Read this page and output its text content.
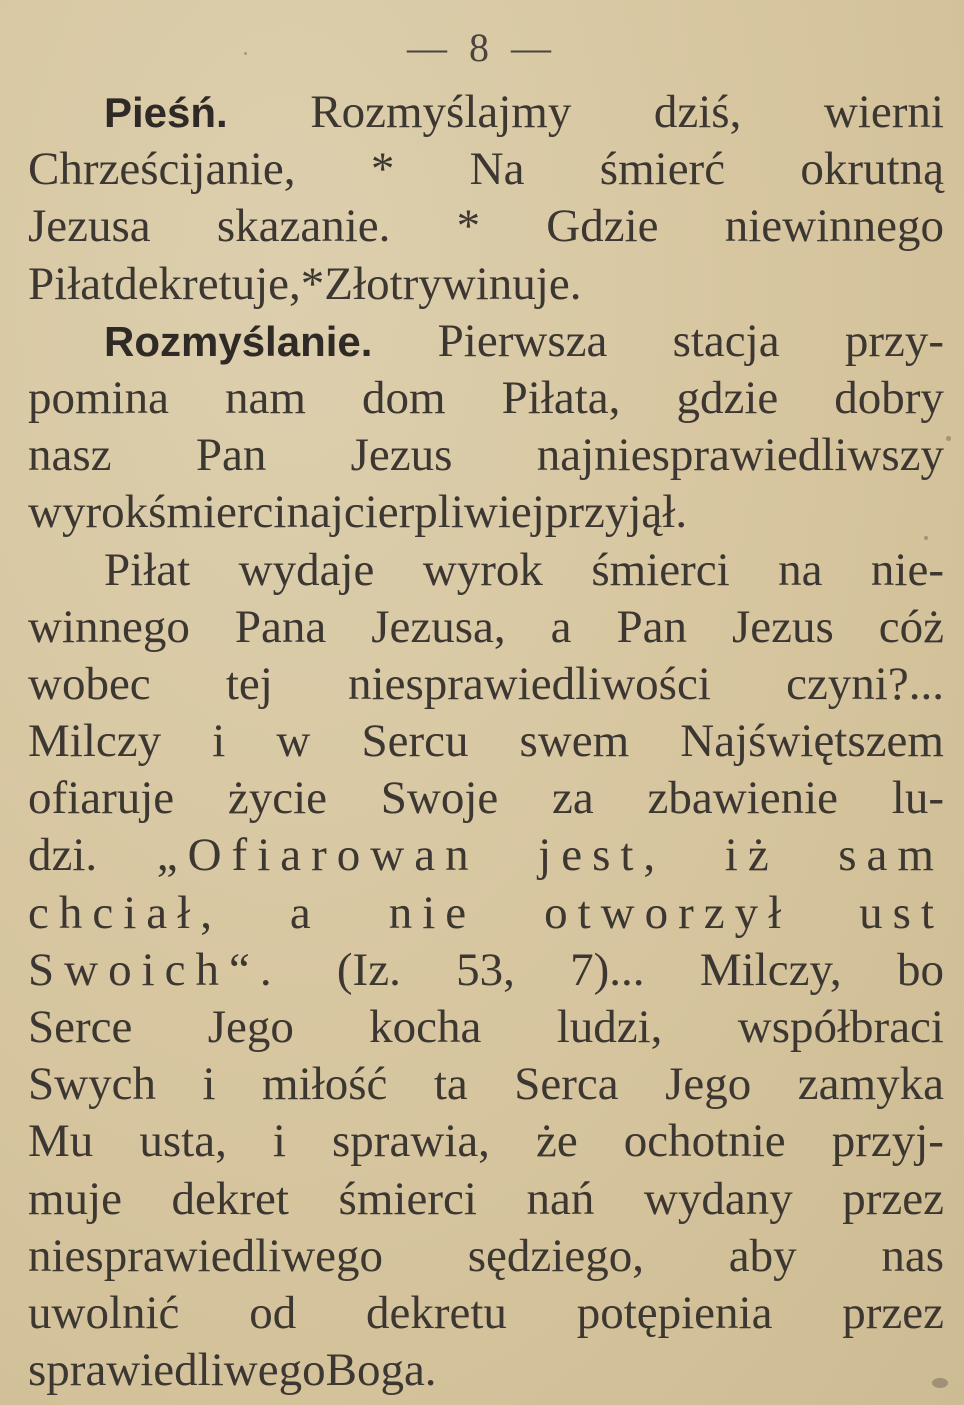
— 8 —
Pieśń. Rozmyślajmy dziś, wierni
Chrześcijanie, * Na śmierć okrutną
Jezusa skazanie. * Gdzie niewinnego
Piłat dekretuje, * Z łotry winuje.
Rozmyślanie. Pierwsza stacja przy-
pomina nam dom Piłata, gdzie dobry
nasz Pan Jezus najniesprawiedliwszy
wyrok śmierci najcierpliwiej przyjął.
Piłat wydaje wyrok śmierci na nie-
winnego Pana Jezusa, a Pan Jezus cóż
wobec tej niesprawiedliwości czyni?...
Milczy i w Sercu swem Najświętszem
ofiaruje życie Swoje za zbawienie lu-
dzi. „Ofiarowan jest, iż sam
chciał, a nie otworzył ust
Swoich“. (Iz. 53, 7)... Milczy, bo
Serce Jego kocha ludzi, współbraci
Swych i miłość ta Serca Jego zamyka
Mu usta, i sprawia, że ochotnie przyj-
muje dekret śmierci nań wydany przez
niesprawiedliwego sędziego, aby nas
uwolnić od dekretu potępienia przez
sprawiedliwego Boga.
